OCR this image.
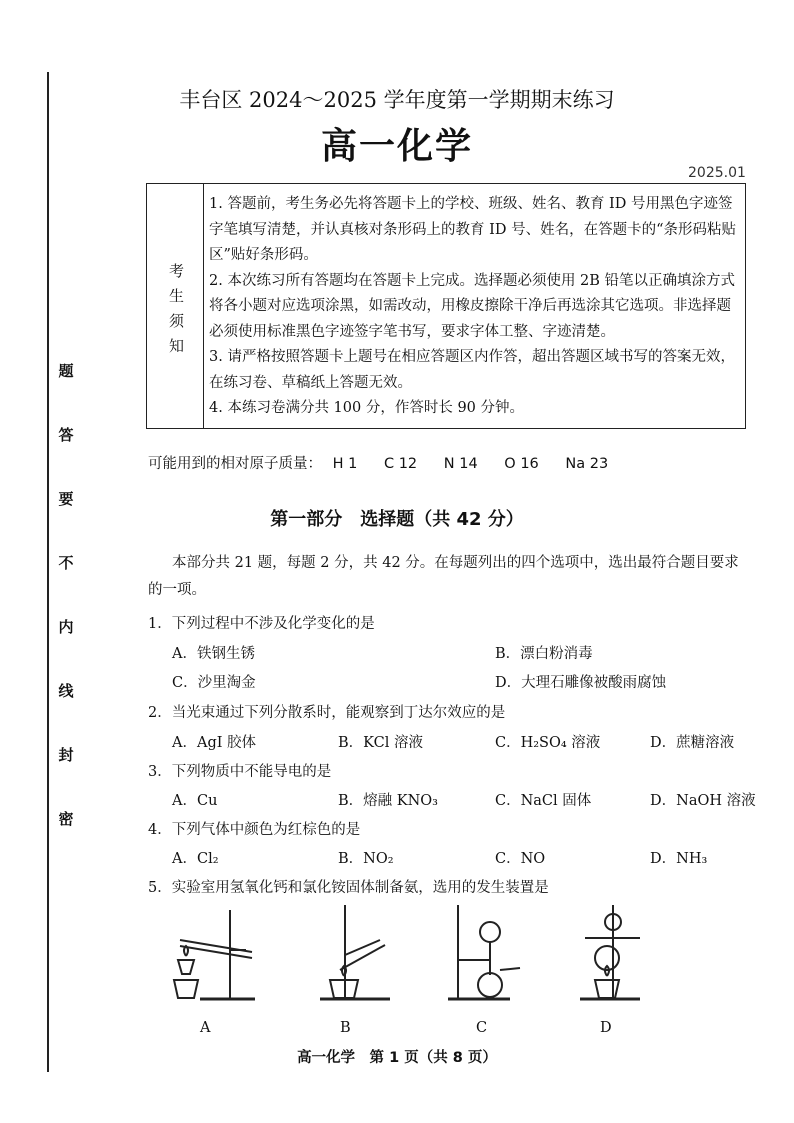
题
答
要
不
内
线
封
密
丰台区 2024～2025 学年度第一学期期末练习
高一化学
2025.01
考
生
须
知
1. 答题前，考生务必先将答题卡上的学校、班级、姓名、教育 ID 号用黑色字迹签字笔填写清楚，并认真核对条形码上的教育 ID 号、姓名，在答题卡的“条形码粘贴区”贴好条形码。
2. 本次练习所有答题均在答题卡上完成。选择题必须使用 2B 铅笔以正确填涂方式将各小题对应选项涂黑，如需改动，用橡皮擦除干净后再选涂其它选项。非选择题必须使用标准黑色字迹签字笔书写，要求字体工整、字迹清楚。
3. 请严格按照答题卡上题号在相应答题区内作答，超出答题区域书写的答案无效，在练习卷、草稿纸上答题无效。
4. 本练习卷满分共 100 分，作答时长 90 分钟。
可能用到的相对原子质量： H 1 C 12 N 14 O 16 Na 23
第一部分　选择题（共 42 分）
本部分共 21 题，每题 2 分，共 42 分。在每题列出的四个选项中，选出最符合题目要求的一项。
1．下列过程中不涉及化学变化的是
A．铁钢生锈	B．漂白粉消毒
C．沙里淘金	D．大理石雕像被酸雨腐蚀
2．当光束通过下列分散系时，能观察到丁达尔效应的是
A．AgI 胶体	B．KCl 溶液	C．H₂SO₄ 溶液	D．蔗糖溶液
3．下列物质中不能导电的是
A．Cu	B．熔融 KNO₃	C．NaCl 固体	D．NaOH 溶液
4．下列气体中颜色为红棕色的是
A．Cl₂	B．NO₂	C．NO	D．NH₃
5．实验室用氢氧化钙和氯化铵固体制备氨，选用的发生装置是
A	B	C	D
高一化学　第 1 页（共 8 页）
